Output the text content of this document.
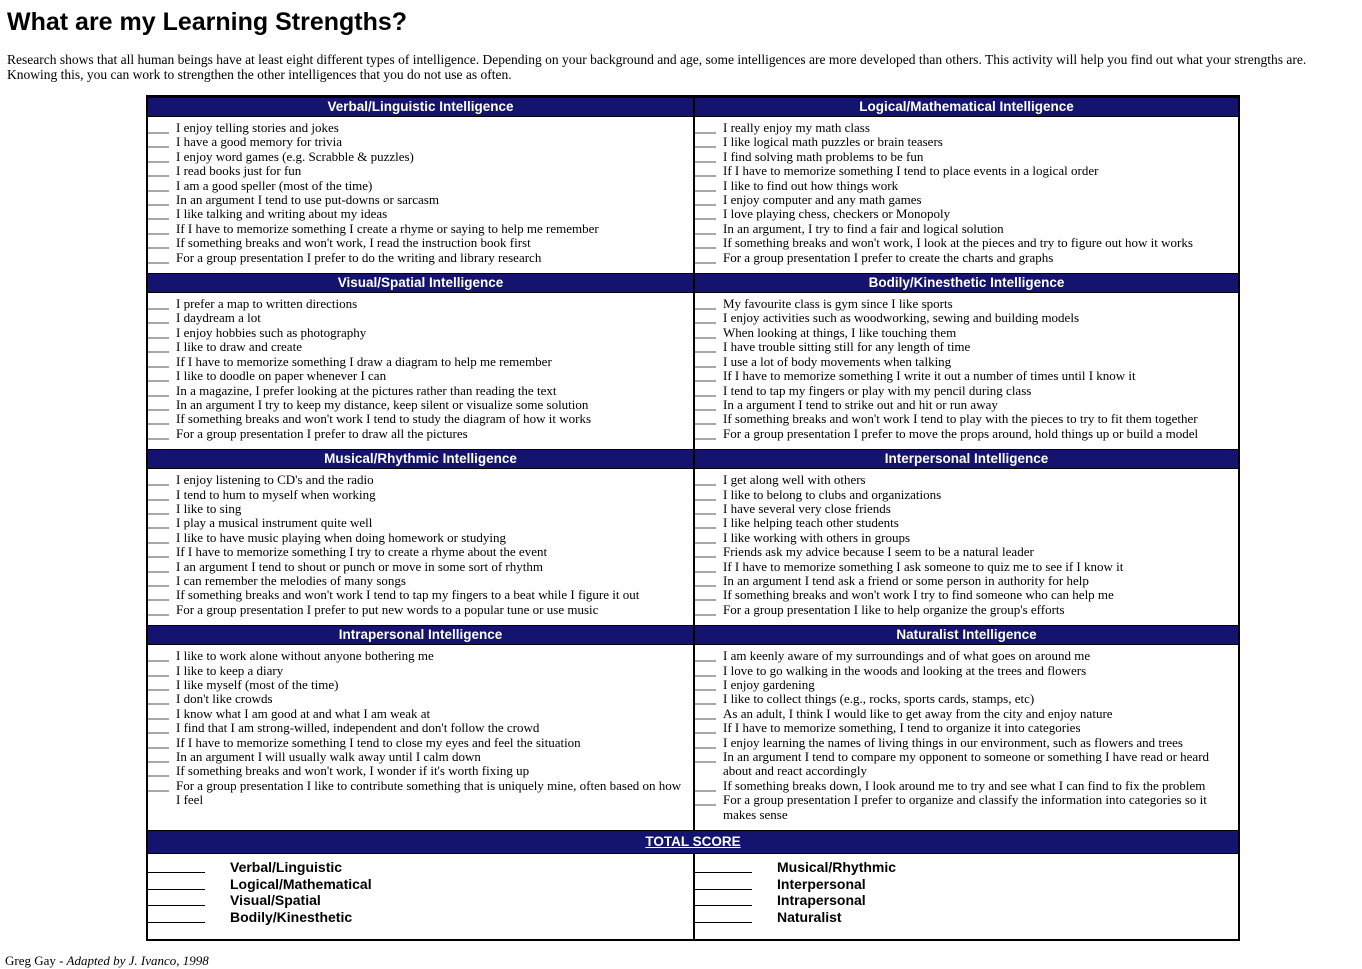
What are my Learning Strengths?

Research shows that all human beings have at least eight different types of intelligence. Depending on your background and age, some intelligences are more developed than others. This activity will help you find out what your strengths are. Knowing this, you can work to strengthen the other intelligences that you do not use as often.

Verbal/Linguistic Intelligence
I enjoy telling stories and jokes
I have a good memory for trivia
I enjoy word games (e.g. Scrabble & puzzles)
I read books just for fun
I am a good speller (most of the time)
In an argument I tend to use put-downs or sarcasm
I like talking and writing about my ideas
If I have to memorize something I create a rhyme or saying to help me remember
If something breaks and won't work, I read the instruction book first
For a group presentation I prefer to do the writing and library research
Logical/Mathematical Intelligence
I really enjoy my math class
I like logical math puzzles or brain teasers
I find solving math problems to be fun
If I have to memorize something I tend to place events in a logical order
I like to find out how things work
I enjoy computer and any math games
I love playing chess, checkers or Monopoly
In an argument, I try to find a fair and logical solution
If something breaks and won't work, I look at the pieces and try to figure out how it works
For a group presentation I prefer to create the charts and graphs
Visual/Spatial Intelligence
I prefer a map to written directions
I daydream a lot
I enjoy hobbies such as photography
I like to draw and create
If I have to memorize something I draw a diagram to help me remember
I like to doodle on paper whenever I can
In a magazine, I prefer looking at the pictures rather than reading the text
In an argument I try to keep my distance, keep silent or visualize some solution
If something breaks and won't work I tend to study the diagram of how it works
For a group presentation I prefer to draw all the pictures
Bodily/Kinesthetic Intelligence
My favourite class is gym since I like sports
I enjoy activities such as woodworking, sewing and building models
When looking at things, I like touching them
I have trouble sitting still for any length of time
I use a lot of body movements when talking
If I have to memorize something I write it out a number of times until I know it
I tend to tap my fingers or play with my pencil during class
In a argument I tend to strike out and hit or run away
If something breaks and won't work I tend to play with the pieces to try to fit them together
For a group presentation I prefer to move the props around, hold things up or build a model
Musical/Rhythmic Intelligence
I enjoy listening to CD's and the radio
I tend to hum to myself when working
I like to sing
I play a musical instrument quite well
I like to have music playing when doing homework or studying
If I have to memorize something I try to create a rhyme about the event
I an argument I tend to shout or punch or move in some sort of rhythm
I can remember the melodies of many songs
If something breaks and won't work I tend to tap my fingers to a beat while I figure it out
For a group presentation I prefer to put new words to a popular tune or use music
Interpersonal Intelligence
I get along well with others
I like to belong to clubs and organizations
I have several very close friends
I like helping teach other students
I like working with others in groups
Friends ask my advice because I seem to be a natural leader
If I have to memorize something I ask someone to quiz me to see if I know it
In an argument I tend ask a friend or some person in authority for help
If something breaks and won't work I try to find someone who can help me
For a group presentation I like to help organize the group's efforts
Intrapersonal Intelligence
I like to work alone without anyone bothering me
I like to keep a diary
I like myself (most of the time)
I don't like crowds
I know what I am good at and what I am weak at
I find that I am strong-willed, independent and don't follow the crowd
If I have to memorize something I tend to close my eyes and feel the situation
In an argument I will usually walk away until I calm down
If something breaks and won't work, I wonder if it's worth fixing up
For a group presentation I like to contribute something that is uniquely mine, often based on how I feel
Naturalist Intelligence
I am keenly aware of my surroundings and of what goes on around me
I love to go walking in the woods and looking at the trees and flowers
I enjoy gardening
I like to collect things (e.g., rocks, sports cards, stamps, etc)
As an adult, I think I would like to get away from the city and enjoy nature
If I have to memorize something, I tend to organize it into categories
I enjoy learning the names of living things in our environment, such as flowers and trees
In an argument I tend to compare my opponent to someone or something I have read or heard about and react accordingly
If something breaks down, I look around me to try and see what I can find to fix the problem
For a group presentation I prefer to organize and classify the information into categories so it makes sense
TOTAL SCORE
Verbal/Linguistic
Logical/Mathematical
Visual/Spatial
Bodily/Kinesthetic
Musical/Rhythmic
Interpersonal
Intrapersonal
Naturalist

Greg Gay - Adapted by J. Ivanco, 1998
